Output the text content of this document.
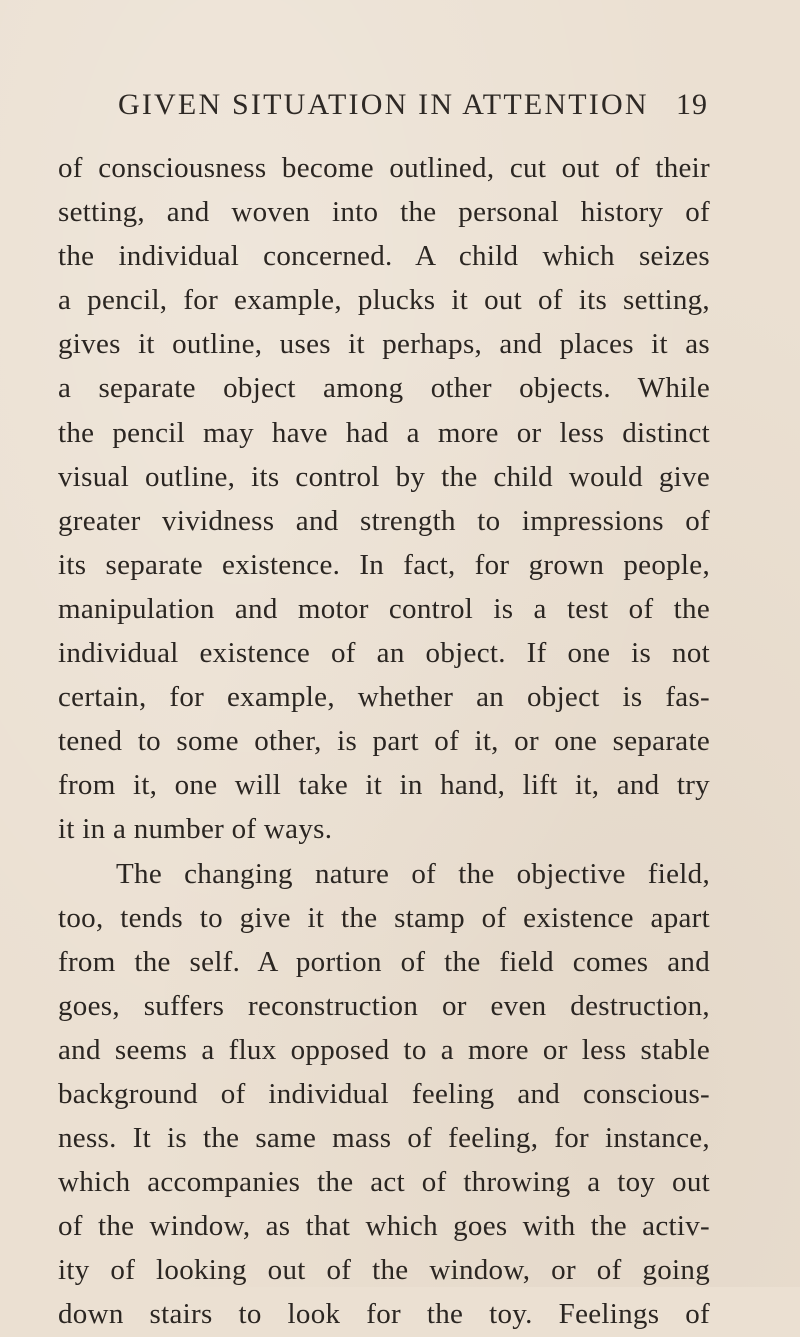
GIVEN SITUATION IN ATTENTION 19
of consciousness become outlined, cut out of their
setting, and woven into the personal history of
the individual concerned. A child which seizes
a pencil, for example, plucks it out of its setting,
gives it outline, uses it perhaps, and places it as
a separate object among other objects. While
the pencil may have had a more or less distinct
visual outline, its control by the child would give
greater vividness and strength to impressions of
its separate existence. In fact, for grown people,
manipulation and motor control is a test of the
individual existence of an object. If one is not
certain, for example, whether an object is fas-
tened to some other, is part of it, or one separate
from it, one will take it in hand, lift it, and try
it in a number of ways.
The changing nature of the objective field,
too, tends to give it the stamp of existence apart
from the self. A portion of the field comes and
goes, suffers reconstruction or even destruction,
and seems a flux opposed to a more or less stable
background of individual feeling and conscious-
ness. It is the same mass of feeling, for instance,
which accompanies the act of throwing a toy out
of the window, as that which goes with the activ-
ity of looking out of the window, or of going
down stairs to look for the toy. Feelings of
